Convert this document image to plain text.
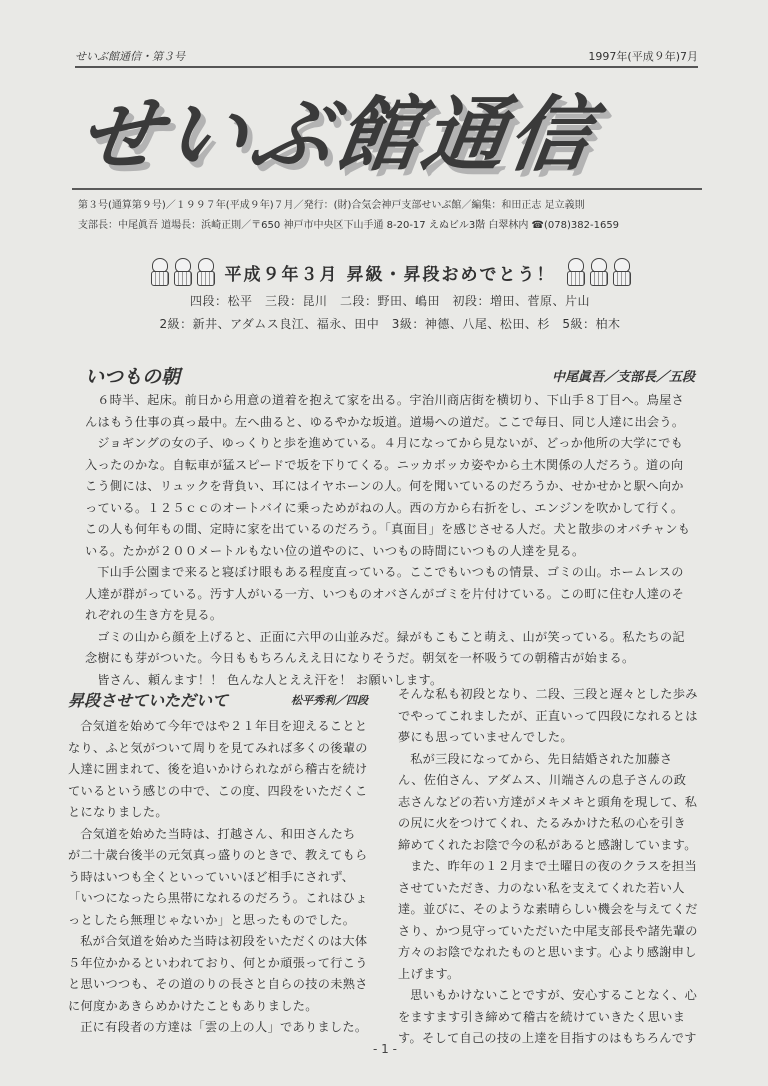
せいぶ館通信・第３号	1997年(平成９年)7月
せいぶ館通信
第３号(通算第９号)／１９９７年(平成９年)７月／発行：(財)合気会神戸支部せいぶ館／編集：和田正志 足立義則
支部長：中尾眞吾 道場長：浜崎正則／〒650 神戸市中央区下山手通 8-20-17 えぬビル3階 白翠林内 ☎(078)382-1659
平成９年３月 昇級・昇段おめでとう！
四段：松平　三段：昆川　二段：野田、嶋田　初段：増田、菅原、片山
2級：新井、アダムス良江、福永、田中　3級：神德、八尾、松田、杉　5級：柏木
いつもの朝	中尾眞吾／支部長／五段

６時半、起床。前日から用意の道着を抱えて家を出る。宇治川商店街を横切り、下山手８丁目へ。鳥屋さんはもう仕事の真っ最中。左へ曲ると、ゆるやかな坂道。道場への道だ。ここで毎日、同じ人達に出会う。

ジョギングの女の子、ゆっくりと歩を進めている。４月になってから見ないが、どっか他所の大学にでも入ったのかな。自転車が猛スピードで坂を下りてくる。ニッカボッカ姿やから土木関係の人だろう。道の向こう側には、リュックを背負い、耳にはイヤホーンの人。何を聞いているのだろうか、せかせかと駅へ向かっている。１２５ｃｃのオートバイに乗っためがねの人。西の方から右折をし、エンジンを吹かして行く。この人も何年もの間、定時に家を出ているのだろう。「真面目」を感じさせる人だ。犬と散歩のオバチャンもいる。たかが２００メートルもない位の道やのに、いつもの時間にいつもの人達を見る。

下山手公園まで来ると寝ぼけ眼もある程度直っている。ここでもいつもの情景、ゴミの山。ホームレスの人達が群がっている。汚す人がいる一方、いつものオバさんがゴミを片付けている。この町に住む人達のそれぞれの生き方を見る。

ゴミの山から顔を上げると、正面に六甲の山並みだ。緑がもこもこと萌え、山が笑っている。私たちの記念樹にも芽がついた。今日ももちろんええ日になりそうだ。朝気を一杯吸うての朝稽古が始まる。

皆さん、頼んます！！ 色んな人とええ汗を！ お願いします。

昇段させていただいて	松平秀利／四段

合気道を始めて今年ではや２１年目を迎えることとなり、ふと気がついて周りを見てみれば多くの後輩の人達に囲まれて、後を追いかけられながら稽古を続けているという感じの中で、この度、四段をいただくことになりました。

合気道を始めた当時は、打越さん、和田さんたちが二十歳台後半の元気真っ盛りのときで、教えてもらう時はいつも全くといっていいほど相手にされず、「いつになったら黒帯になれるのだろう。これはひょっとしたら無理じゃないか」と思ったものでした。

私が合気道を始めた当時は初段をいただくのは大体５年位かかるといわれており、何とか頑張って行こうと思いつつも、その道のりの長さと自らの技の未熟さに何度かあきらめかけたこともありました。

正に有段者の方達は「雲の上の人」でありました。

そんな私も初段となり、二段、三段と遅々とした歩みでやってこれましたが、正直いって四段になれるとは夢にも思っていませんでした。

私が三段になってから、先日結婚された加藤さん、佐伯さん、アダムス、川端さんの息子さんの政志さんなどの若い方達がメキメキと頭角を現して、私の尻に火をつけてくれ、たるみかけた私の心を引き締めてくれたお陰で今の私があると感謝しています。

また、昨年の１２月まで土曜日の夜のクラスを担当させていただき、力のない私を支えてくれた若い人達。並びに、そのような素晴らしい機会を与えてくださり、かつ見守っていただいた中尾支部長や諸先輩の方々のお陰でなれたものと思います。心より感謝申し上げます。

思いもかけないことですが、安心することなく、心をますます引き締めて稽古を続けていきたく思います。そして自己の技の上達を目指すのはもちろんです

- 1 -
